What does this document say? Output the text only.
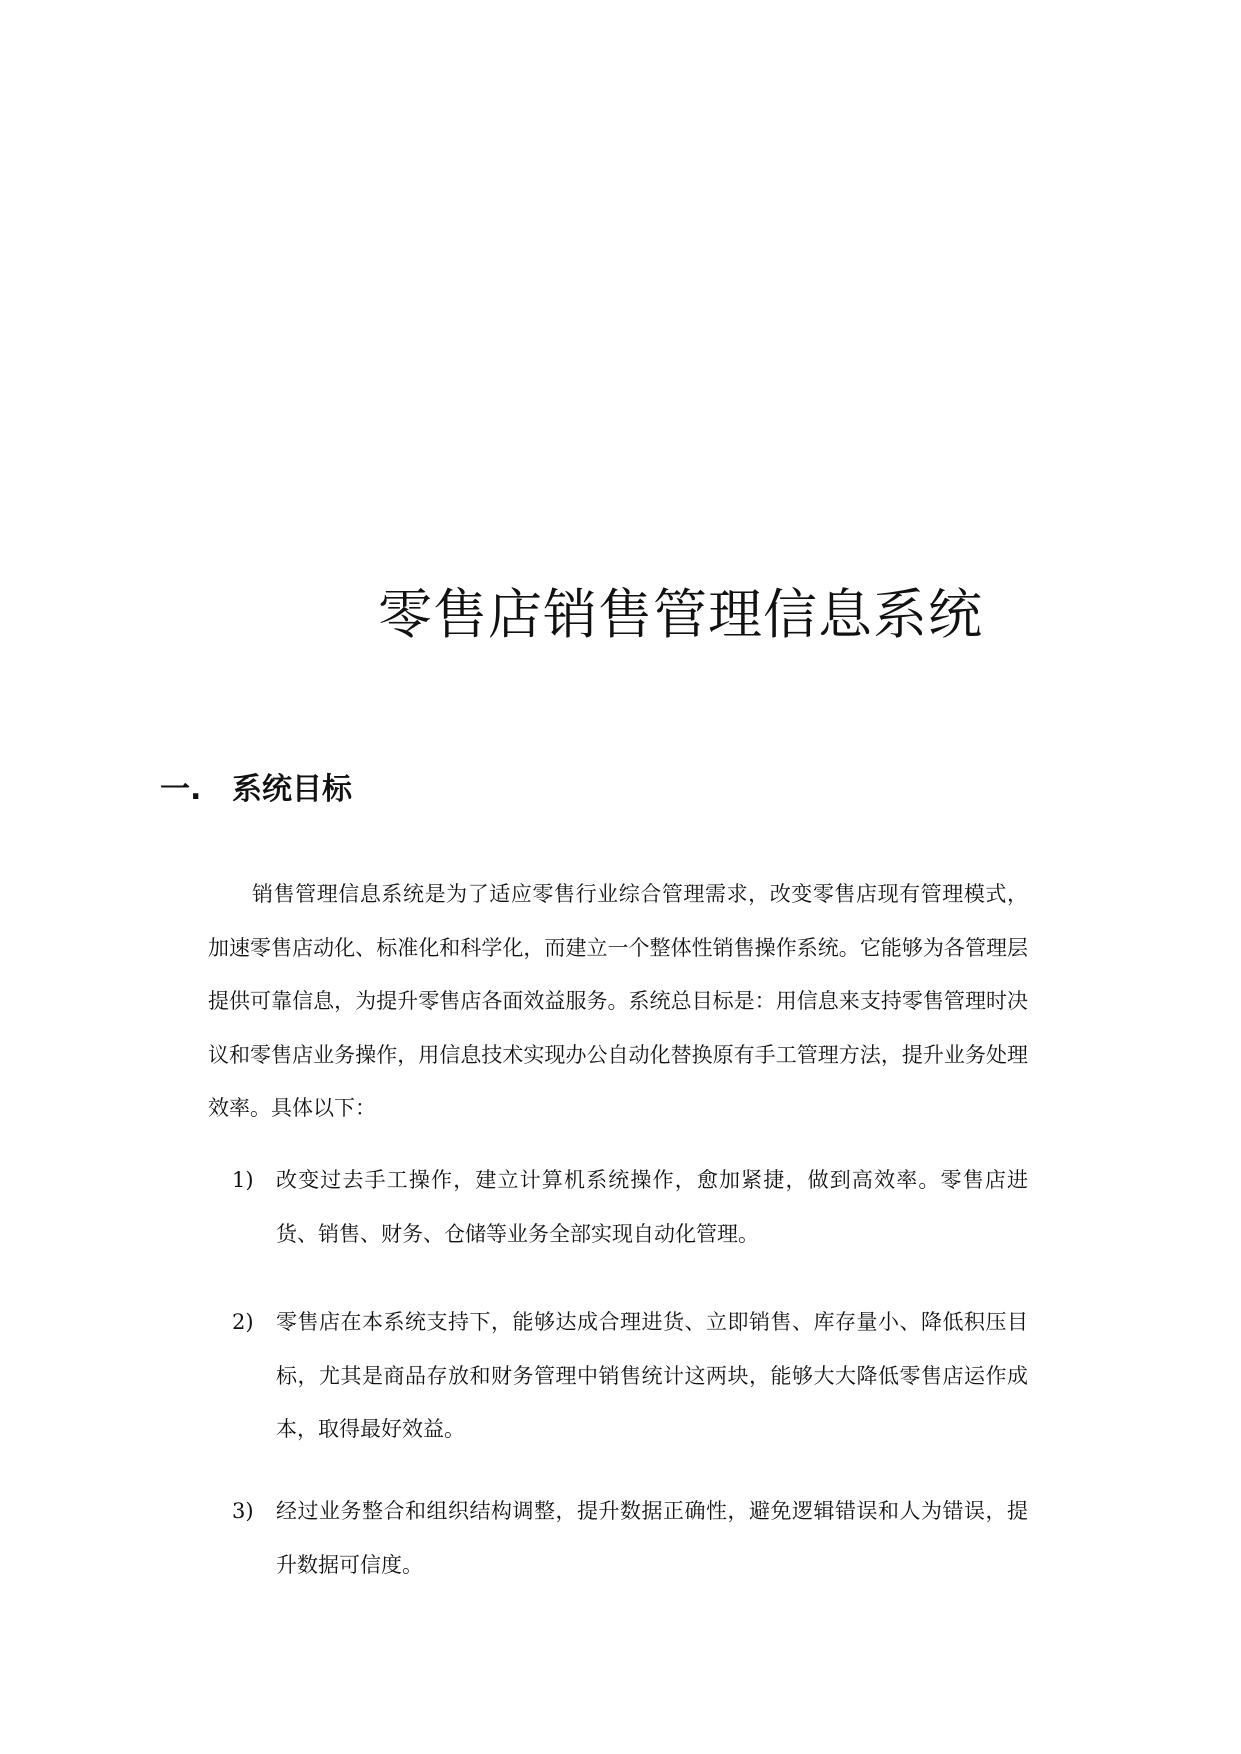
零售店销售管理信息系统
一. 系统目标

销售管理信息系统是为了适应零售行业综合管理需求，改变零售店现有管理模式，加速零售店动化、标准化和科学化，而建立一个整体性销售操作系统。它能够为各管理层提供可靠信息，为提升零售店各面效益服务。系统总目标是：用信息来支持零售管理时决议和零售店业务操作，用信息技术实现办公自动化替换原有手工管理方法，提升业务处理效率。具体以下：

1)	改变过去手工操作，建立计算机系统操作，愈加紧捷，做到高效率。零售店进货、销售、财务、仓储等业务全部实现自动化管理。
2)	零售店在本系统支持下，能够达成合理进货、立即销售、库存量小、降低积压目标，尤其是商品存放和财务管理中销售统计这两块，能够大大降低零售店运作成本，取得最好效益。
3)	经过业务整合和组织结构调整，提升数据正确性，避免逻辑错误和人为错误，提升数据可信度。
